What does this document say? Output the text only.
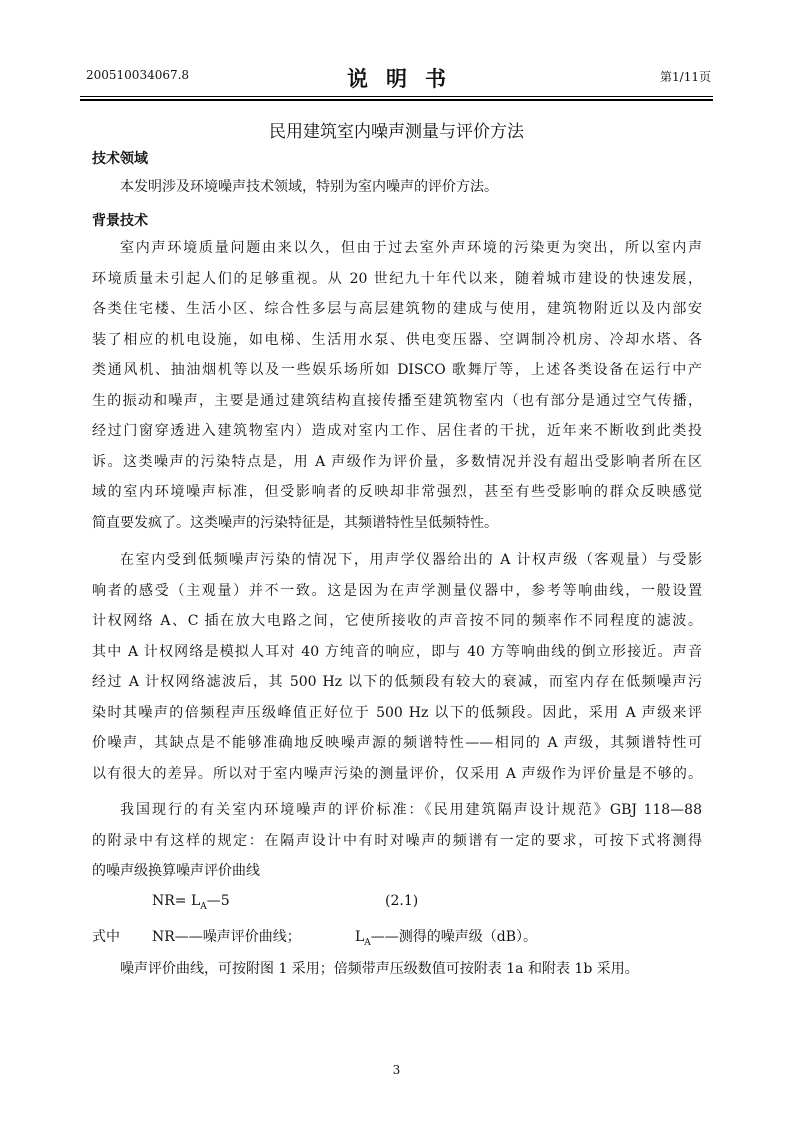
200510034067.8	说明书	第1/11页
民用建筑室内噪声测量与评价方法
技术领域
本发明涉及环境噪声技术领域，特别为室内噪声的评价方法。
背景技术
室内声环境质量问题由来以久，但由于过去室外声环境的污染更为突出，所以室内声
环境质量未引起人们的足够重视。从 20 世纪九十年代以来，随着城市建设的快速发展，
各类住宅楼、生活小区、综合性多层与高层建筑物的建成与使用，建筑物附近以及内部安
装了相应的机电设施，如电梯、生活用水泵、供电变压器、空调制冷机房、冷却水塔、各
类通风机、抽油烟机等以及一些娱乐场所如 DISCO 歌舞厅等，上述各类设备在运行中产
生的振动和噪声，主要是通过建筑结构直接传播至建筑物室内（也有部分是通过空气传播，
经过门窗穿透进入建筑物室内）造成对室内工作、居住者的干扰，近年来不断收到此类投
诉。这类噪声的污染特点是，用 A 声级作为评价量，多数情况并没有超出受影响者所在区
域的室内环境噪声标准，但受影响者的反映却非常强烈，甚至有些受影响的群众反映感觉
简直要发疯了。这类噪声的污染特征是，其频谱特性呈低频特性。
在室内受到低频噪声污染的情况下，用声学仪器给出的 A 计权声级（客观量）与受影
响者的感受（主观量）并不一致。这是因为在声学测量仪器中，参考等响曲线，一般设置
计权网络 A、C 插在放大电路之间，它使所接收的声音按不同的频率作不同程度的滤波。
其中 A 计权网络是模拟人耳对 40 方纯音的响应，即与 40 方等响曲线的倒立形接近。声音
经过 A 计权网络滤波后，其 500 Hz 以下的低频段有较大的衰减，而室内存在低频噪声污
染时其噪声的倍频程声压级峰值正好位于 500 Hz 以下的低频段。因此，采用 A 声级来评
价噪声，其缺点是不能够准确地反映噪声源的频谱特性——相同的 A 声级，其频谱特性可
以有很大的差异。所以对于室内噪声污染的测量评价，仅采用 A 声级作为评价量是不够的。
我国现行的有关室内环境噪声的评价标准：《民用建筑隔声设计规范》GBJ 118—88
的附录中有这样的规定：在隔声设计中有时对噪声的频谱有一定的要求，可按下式将测得
的噪声级换算噪声评价曲线
$NR= L_A—5$	(2.1)
式中 NR——噪声评价曲线；	$L_A——$测得的噪声级（dB）。
噪声评价曲线，可按附图 1 采用；倍频带声压级数值可按附表 1a 和附表 1b 采用。
3
